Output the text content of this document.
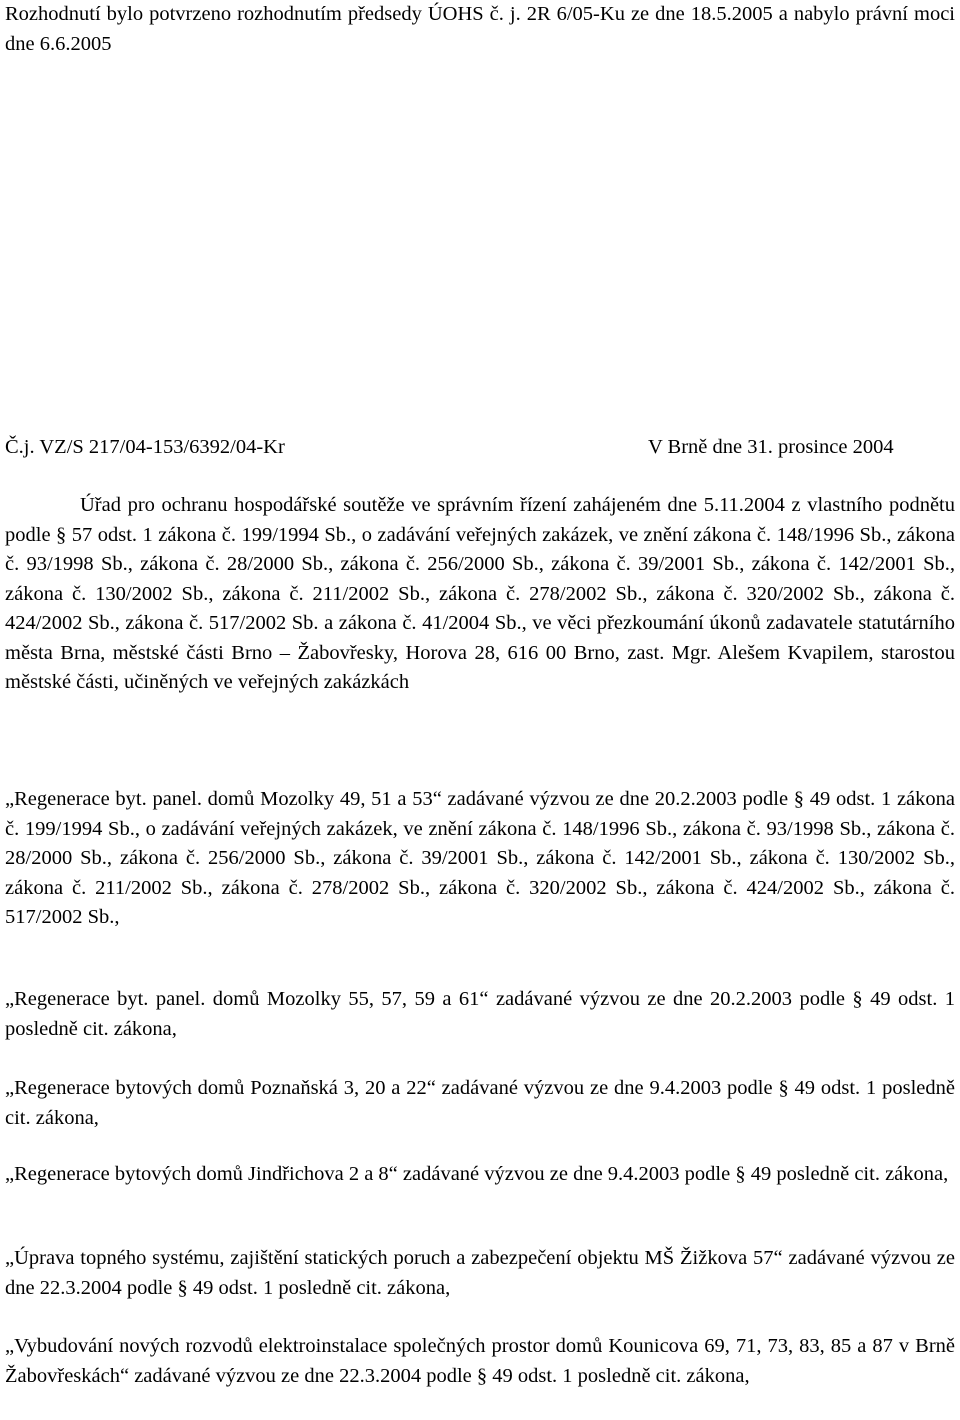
Rozhodnutí bylo potvrzeno rozhodnutím předsedy ÚOHS č. j. 2R 6/05-Ku ze dne 18.5.2005 a nabylo právní moci dne 6.6.2005
Č.j. VZ/S 217/04-153/6392/04-Kr	V Brně dne 31. prosince 2004
Úřad pro ochranu hospodářské soutěže ve správním řízení zahájeném dne 5.11.2004 z vlastního podnětu podle § 57 odst. 1 zákona č. 199/1994 Sb., o zadávání veřejných zakázek, ve znění zákona č. 148/1996 Sb., zákona č. 93/1998 Sb., zákona č. 28/2000 Sb., zákona č. 256/2000 Sb., zákona č. 39/2001 Sb., zákona č. 142/2001 Sb., zákona č. 130/2002 Sb., zákona č. 211/2002 Sb., zákona č. 278/2002 Sb., zákona č. 320/2002 Sb., zákona č. 424/2002 Sb., zákona č. 517/2002 Sb. a zákona č. 41/2004 Sb., ve věci přezkoumání úkonů zadavatele statutárního města Brna, městské části Brno – Žabovřesky, Horova 28, 616 00 Brno, zast. Mgr. Alešem Kvapilem, starostou městské části, učiněných ve veřejných zakázkách
„Regenerace byt. panel. domů Mozolky 49, 51 a 53“ zadávané výzvou ze dne 20.2.2003 podle § 49 odst. 1 zákona č. 199/1994 Sb., o zadávání veřejných zakázek, ve znění zákona č. 148/1996 Sb., zákona č. 93/1998 Sb., zákona č. 28/2000 Sb., zákona č. 256/2000 Sb., zákona č. 39/2001 Sb., zákona č. 142/2001 Sb., zákona č. 130/2002 Sb., zákona č. 211/2002 Sb., zákona č. 278/2002 Sb., zákona č. 320/2002 Sb., zákona č. 424/2002 Sb., zákona č. 517/2002 Sb.,
„Regenerace byt. panel. domů Mozolky 55, 57, 59 a 61“ zadávané výzvou ze dne 20.2.2003 podle § 49 odst. 1 posledně cit. zákona,
„Regenerace bytových domů Poznaňská 3, 20 a 22“ zadávané výzvou ze dne 9.4.2003 podle § 49 odst. 1 posledně cit. zákona,
„Regenerace bytových domů Jindřichova 2 a 8“ zadávané výzvou ze dne 9.4.2003 podle § 49 posledně cit. zákona,
„Úprava topného systému, zajištění statických poruch a zabezpečení objektu MŠ Žižkova 57“ zadávané výzvou ze dne 22.3.2004 podle § 49 odst. 1 posledně cit. zákona,
„Vybudování nových rozvodů elektroinstalace společných prostor domů Kounicova 69, 71, 73, 83, 85 a 87 v Brně Žabovřeskách“ zadávané výzvou ze dne 22.3.2004 podle § 49 odst. 1 posledně cit. zákona,
